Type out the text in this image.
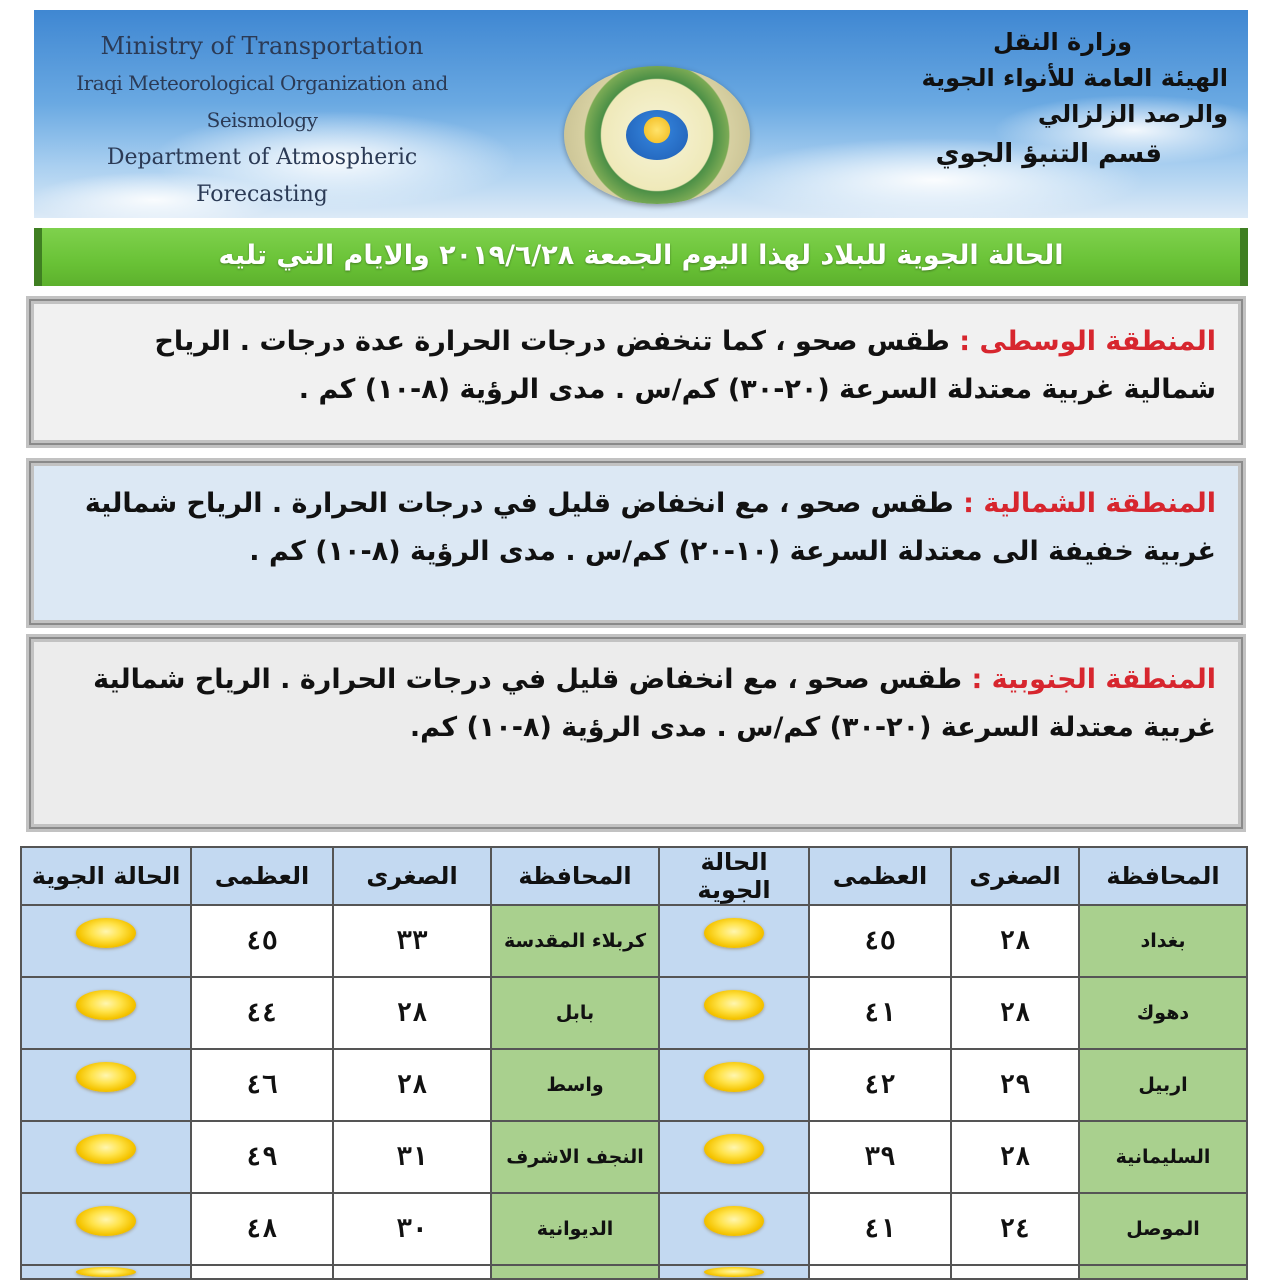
Ministry of Transportation
Iraqi Meteorological Organization and Seismology
Department of Atmospheric Forecasting
وزارة النقل
الهيئة العامة للأنواء الجوية والرصد الزلزالي
قسم التنبؤ الجوي
الحالة الجوية للبلاد لهذا اليوم الجمعة ٢٠١٩/٦/٢٨ والايام التي تليه
المنطقة الوسطى : طقس صحو ، كما تنخفض درجات الحرارة عدة درجات . الرياح شمالية غربية معتدلة السرعة (٢٠-٣٠) كم/س . مدى الرؤية (٨-١٠) كم .
المنطقة الشمالية : طقس صحو ، مع انخفاض قليل في درجات الحرارة . الرياح شمالية غربية خفيفة الى معتدلة السرعة (١٠-٢٠) كم/س . مدى الرؤية (٨-١٠) كم .
المنطقة الجنوبية : طقس صحو ، مع انخفاض قليل في درجات الحرارة . الرياح شمالية غربية معتدلة السرعة (٢٠-٣٠) كم/س . مدى الرؤية (٨-١٠) كم.
الحالة الجوية	العظمى	الصغرى	المحافظة	الحالة الجوية	العظمى	الصغرى	المحافظة

	٤٥	٣٣	كربلاء المقدسة		٤٥	٢٨	بغداد

	٤٤	٢٨	بابل		٤١	٢٨	دهوك

	٤٦	٢٨	واسط		٤٢	٢٩	اربيل

	٤٩	٣١	النجف الاشرف		٣٩	٢٨	السليمانية

	٤٨	٣٠	الديوانية		٤١	٢٤	الموصل
